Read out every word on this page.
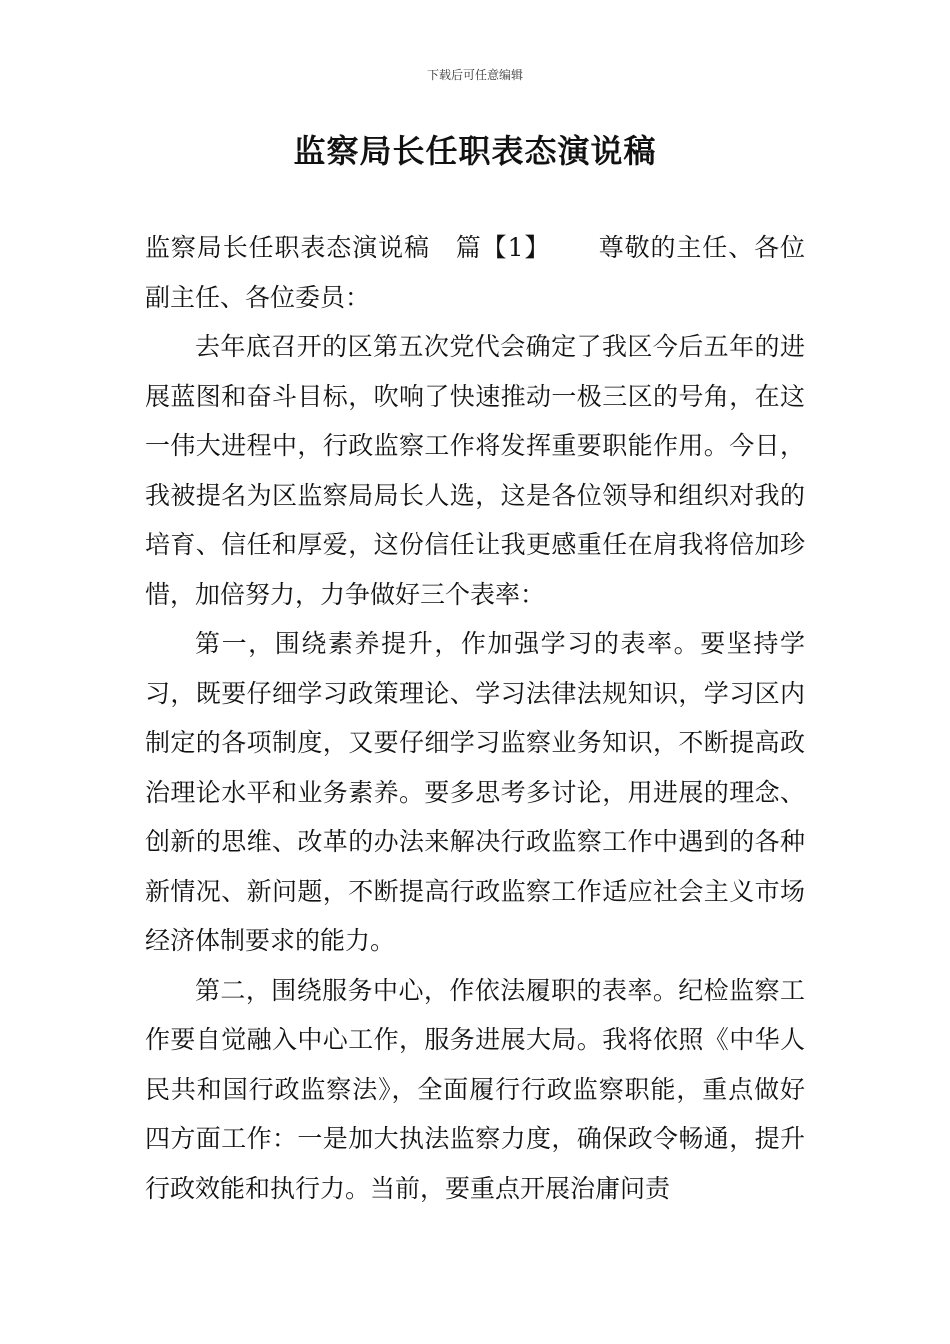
下载后可任意编辑
监察局长任职表态演说稿

监察局长任职表态演说稿　篇【1】 尊敬的主任、各位副主任、各位委员：

去年底召开的区第五次党代会确定了我区今后五年的进展蓝图和奋斗目标，吹响了快速推动一极三区的号角，在这一伟大进程中，行政监察工作将发挥重要职能作用。今日，我被提名为区监察局局长人选，这是各位领导和组织对我的培育、信任和厚爱，这份信任让我更感重任在肩我将倍加珍惜，加倍努力，力争做好三个表率：

第一，围绕素养提升，作加强学习的表率。要坚持学习，既要仔细学习政策理论、学习法律法规知识，学习区内制定的各项制度，又要仔细学习监察业务知识，不断提高政治理论水平和业务素养。要多思考多讨论，用进展的理念、创新的思维、改革的办法来解决行政监察工作中遇到的各种新情况、新问题，不断提高行政监察工作适应社会主义市场经济体制要求的能力。

第二，围绕服务中心，作依法履职的表率。纪检监察工作要自觉融入中心工作，服务进展大局。我将依照《中华人民共和国行政监察法》，全面履行行政监察职能，重点做好四方面工作：一是加大执法监察力度，确保政令畅通，提升行政效能和执行力。当前，要重点开展治庸问责
